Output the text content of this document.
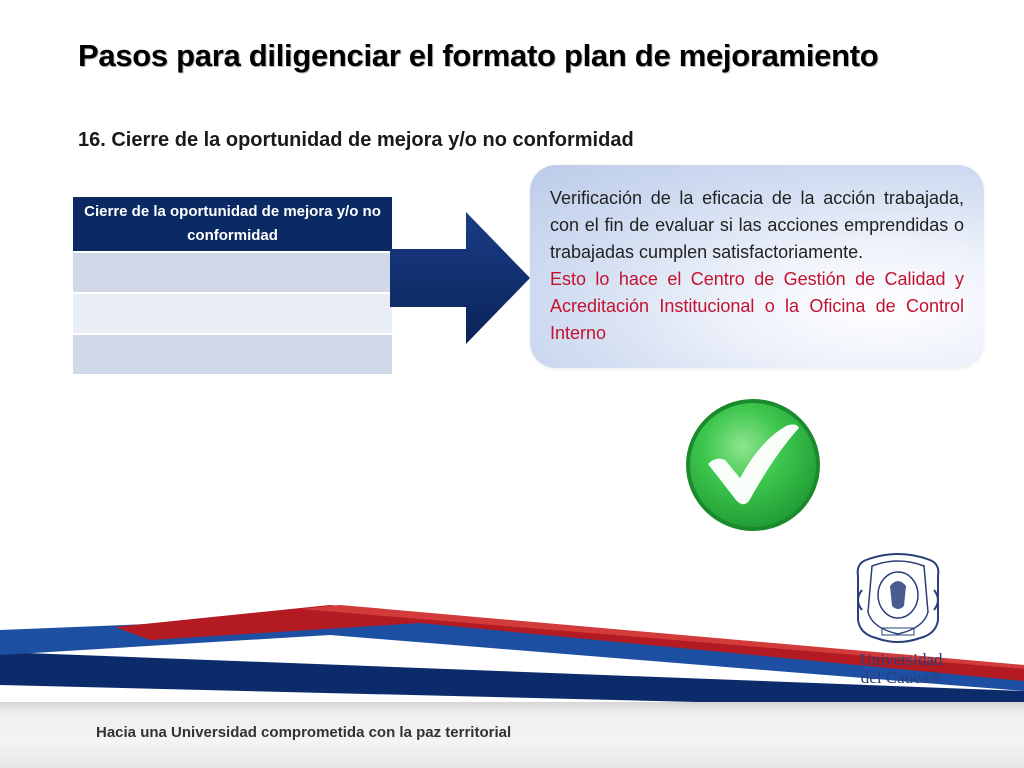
Pasos para diligenciar el formato plan de mejoramiento
16. Cierre de la oportunidad de mejora y/o no conformidad
Cierre de la oportunidad de mejora y/o no conformidad
Verificación de la eficacia de la acción trabajada, con el fin de evaluar si las acciones emprendidas o trabajadas cumplen satisfactoriamente.
Esto lo hace el Centro de Gestión de Calidad y Acreditación Institucional o la Oficina de Control Interno
Hacia una Universidad comprometida con la paz territorial
Universidad
del Cauca®
